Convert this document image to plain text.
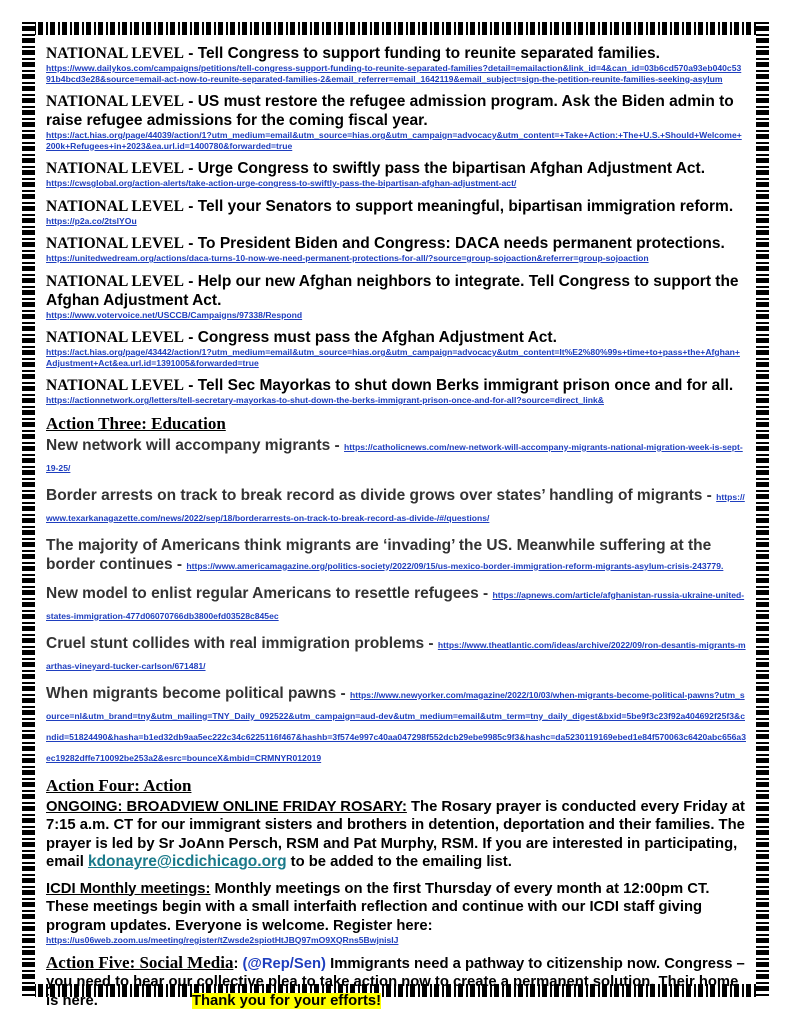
NATIONAL LEVEL - Tell Congress to support funding to reunite separated families.
https://www.dailykos.com/campaigns/petitions/tell-congress-support-funding-to-reunite-separated-families?detail=emailaction&link_id=4&can_id=03b6cd570a93eb040c5391b4bcd3e28&source=email-act-now-to-reunite-separated-families-2&email_referrer=email_1642119&email_subject=sign-the-petition-reunite-families-seeking-asylum
NATIONAL LEVEL - US must restore the refugee admission program. Ask the Biden admin to raise refugee admissions for the coming fiscal year.
https://act.hias.org/page/44039/action/1?utm_medium=email&utm_source=hias.org&utm_campaign=advocacy&utm_content=+Take+Action:+The+U.S.+Should+Welcome+200k+Refugees+in+2023&ea.url.id=1400780&forwarded=true
NATIONAL LEVEL - Urge Congress to swiftly pass the bipartisan Afghan Adjustment Act.
https://cwsglobal.org/action-alerts/take-action-urge-congress-to-swiftly-pass-the-bipartisan-afghan-adjustment-act/
NATIONAL LEVEL - Tell your Senators to support meaningful, bipartisan immigration reform.
https://p2a.co/2tslYOu
NATIONAL LEVEL - To President Biden and Congress: DACA needs permanent protections.
https://unitedwedream.org/actions/daca-turns-10-now-we-need-permanent-protections-for-all/?source=group-sojoaction&referrer=group-sojoaction
NATIONAL LEVEL - Help our new Afghan neighbors to integrate. Tell Congress to support the Afghan Adjustment Act.
https://www.votervoice.net/USCCB/Campaigns/97338/Respond
NATIONAL LEVEL - Congress must pass the Afghan Adjustment Act.
https://act.hias.org/page/43442/action/1?utm_medium=email&utm_source=hias.org&utm_campaign=advocacy&utm_content=It%E2%80%99s+time+to+pass+the+Afghan+Adjustment+Act&ea.url.id=1391005&forwarded=true
NATIONAL LEVEL - Tell Sec Mayorkas to shut down Berks immigrant prison once and for all.
https://actionnetwork.org/letters/tell-secretary-mayorkas-to-shut-down-the-berks-immigrant-prison-once-and-for-all?source=direct_link&
Action Three: Education
New network will accompany migrants - https://catholicnews.com/new-network-will-accompany-migrants-national-migration-week-is-sept-19-25/
Border arrests on track to break record as divide grows over states’ handling of migrants - https://www.texarkanagazette.com/news/2022/sep/18/borderarrests-on-track-to-break-record-as-divide-/#/questions/
The majority of Americans think migrants are ‘invading’ the US. Meanwhile suffering at the border continues - https://www.americamagazine.org/politics-society/2022/09/15/us-mexico-border-immigration-reform-migrants-asylum-crisis-243779.
New model to enlist regular Americans to resettle refugees - https://apnews.com/article/afghanistan-russia-ukraine-united-states-immigration-477d06070766db3800efd03528c845ec
Cruel stunt collides with real immigration problems - https://www.theatlantic.com/ideas/archive/2022/09/ron-desantis-migrants-marthas-vineyard-tucker-carlson/671481/
When migrants become political pawns - https://www.newyorker.com/magazine/2022/10/03/when-migrants-become-political-pawns?utm_source=nl&utm_brand=tny&utm_mailing=TNY_Daily_092522&utm_campaign=aud-dev&utm_medium=email&utm_term=tny_daily_digest&bxid=5be9f3c23f92a404692f25f3&cndid=51824490&hasha=b1ed32db9aa5ec222c34c6225116f467&hashb=3f574e997c40aa047298f552dcb29ebe9985c9f3&hashc=da5230119169ebed1e84f570063c6420abc656a3ec19282dffe710092be253a2&esrc=bounceX&mbid=CRMNYR012019
Action Four: Action
ONGOING: BROADVIEW ONLINE FRIDAY ROSARY: The Rosary prayer is conducted every Friday at 7:15 a.m. CT for our immigrant sisters and brothers in detention, deportation and their families. The prayer is led by Sr JoAnn Persch, RSM and Pat Murphy, RSM. If you are interested in participating, email kdonayre@icdichicago.org to be added to the emailing list.
ICDI Monthly meetings: Monthly meetings on the first Thursday of every month at 12:00pm CT. These meetings begin with a small interfaith reflection and continue with our ICDI staff giving program updates. Everyone is welcome. Register here:
https://us06web.zoom.us/meeting/register/tZwsde2spiotHtJBQ97mO9XQRns5BwjnisIJ
Action Five: Social Media: (@Rep/Sen) Immigrants need a pathway to citizenship now. Congress – you need to hear our collective plea to take action now to create a permanent solution. Their home is here.	Thank you for your efforts!
